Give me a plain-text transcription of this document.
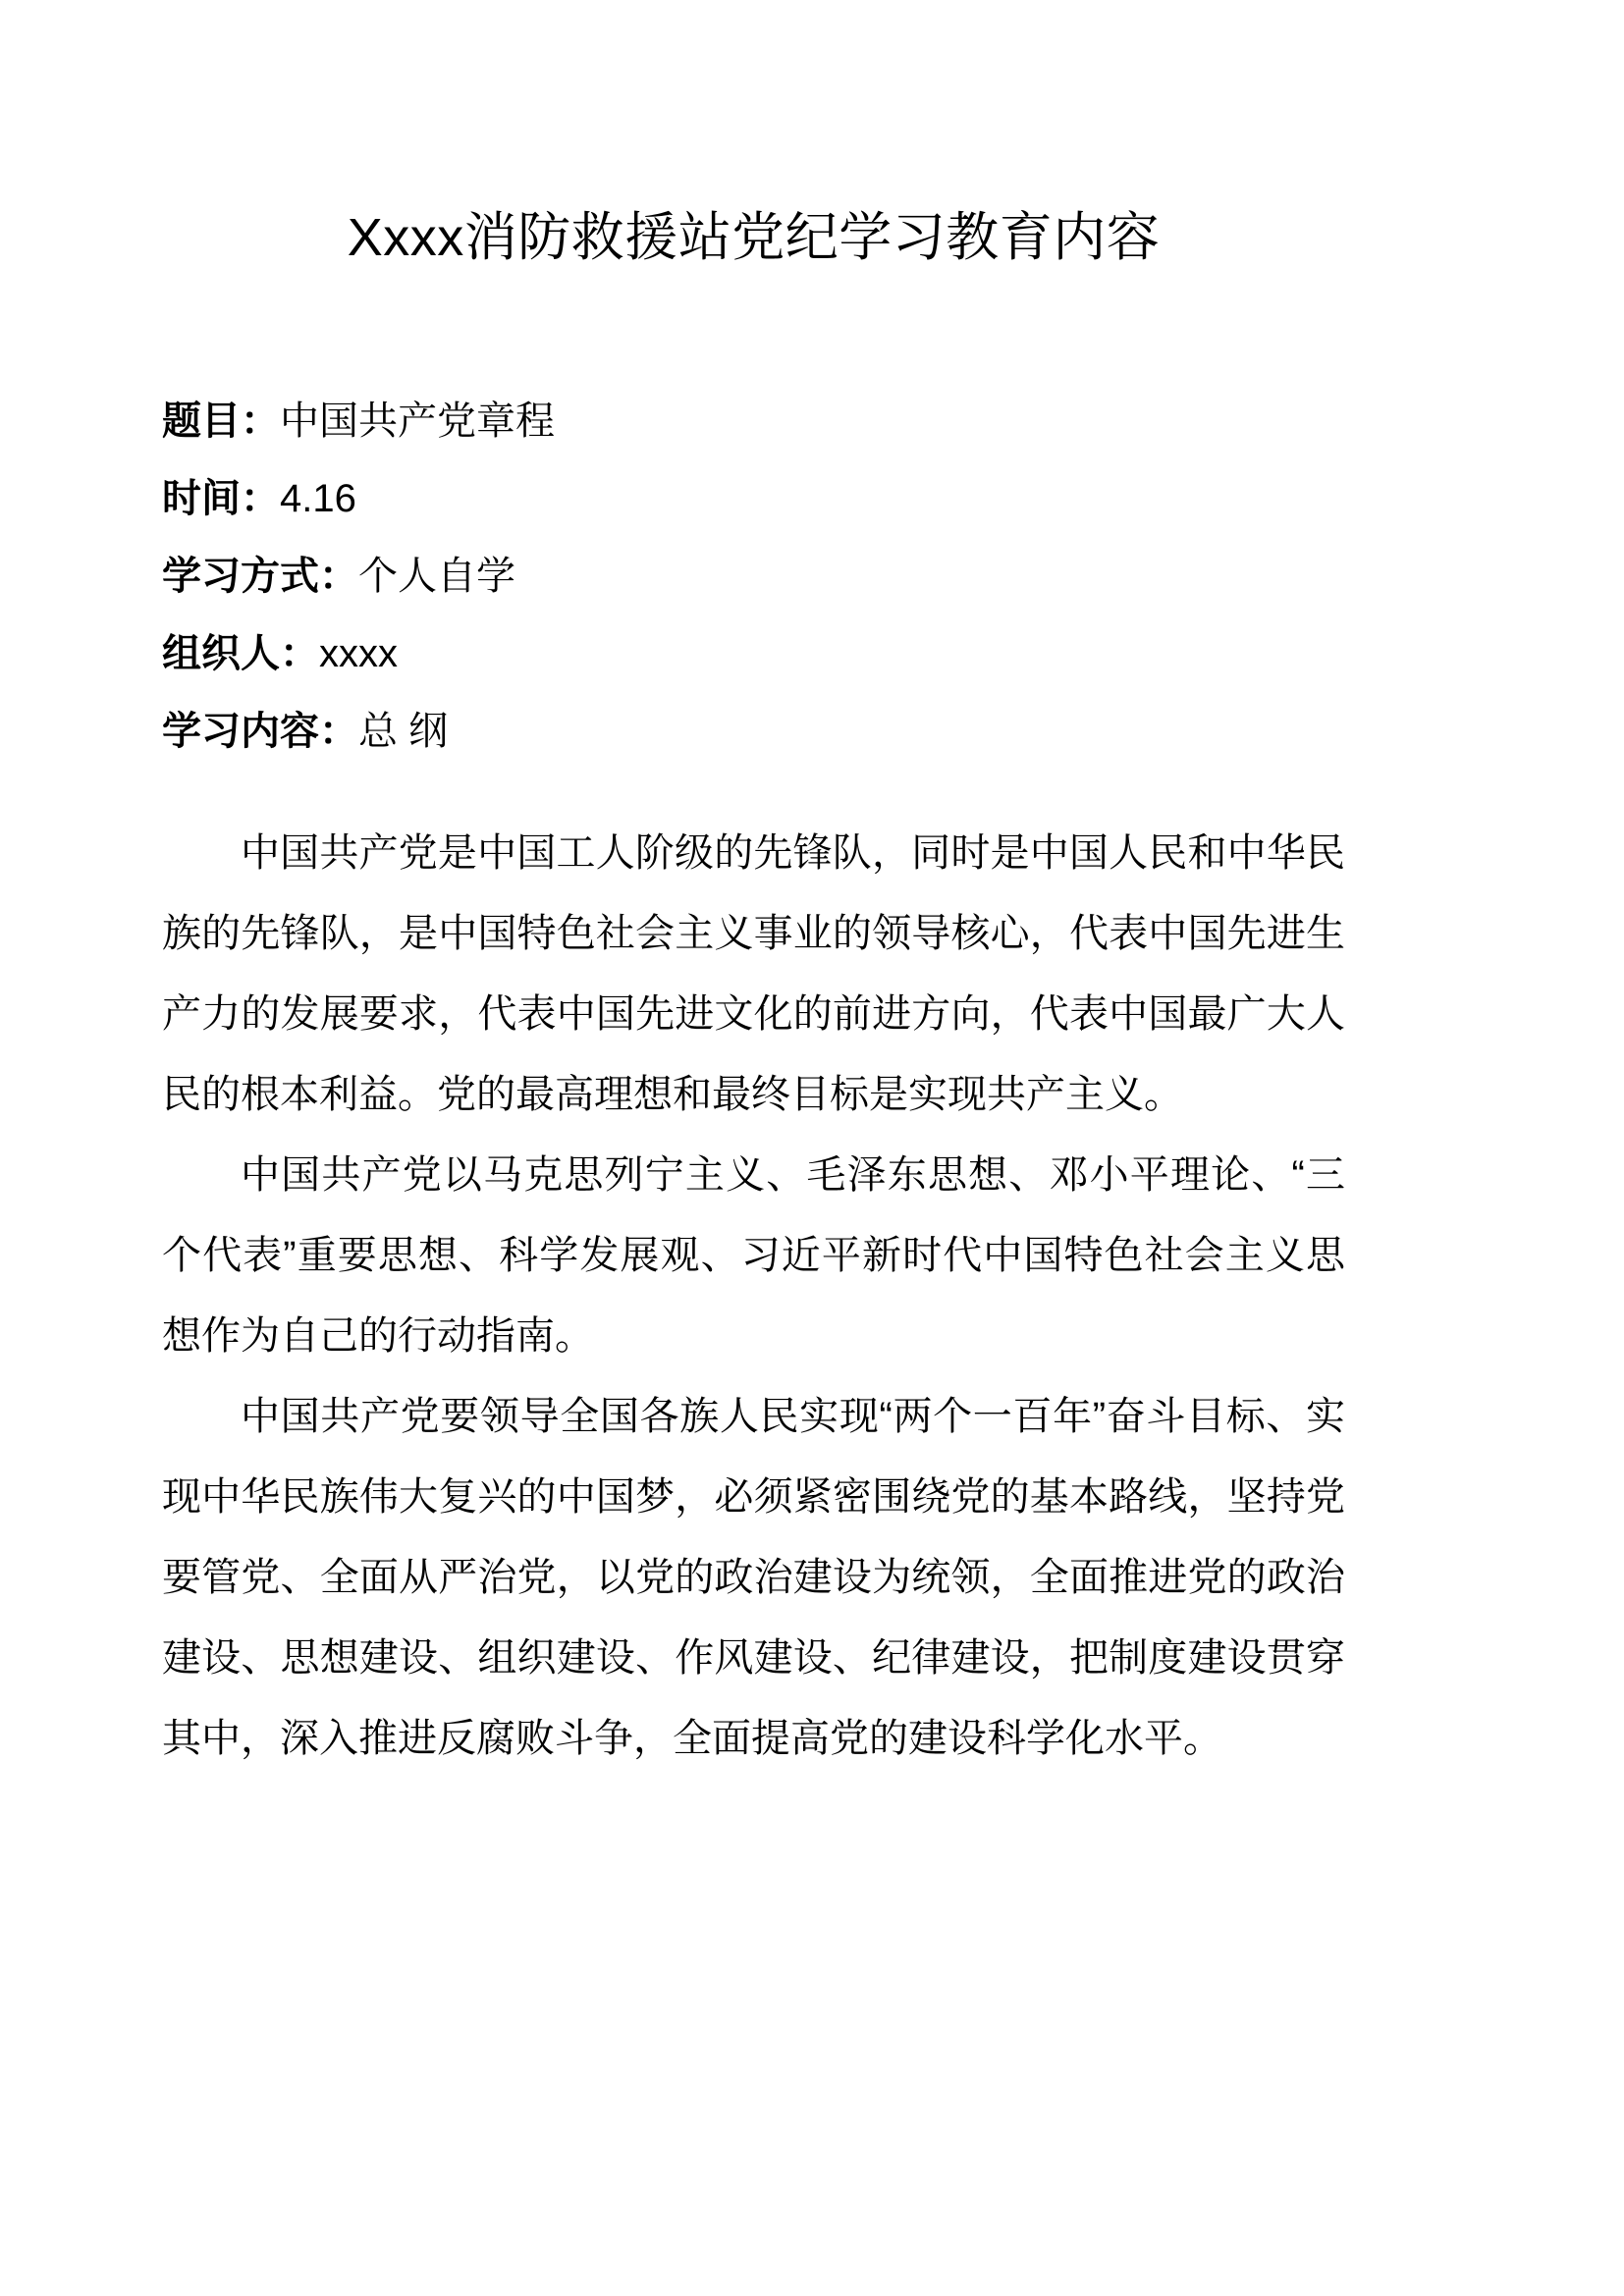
Xxxx消防救援站党纪学习教育内容
题目：中国共产党章程
时间：4.16
学习方式：个人自学
组织人：xxxx
学习内容：总 纲

中国共产党是中国工人阶级的先锋队，同时是中国人民和中华民族的先锋队，是中国特色社会主义事业的领导核心，代表中国先进生产力的发展要求，代表中国先进文化的前进方向，代表中国最广大人民的根本利益。党的最高理想和最终目标是实现共产主义。

中国共产党以马克思列宁主义、毛泽东思想、邓小平理论、“三个代表”重要思想、科学发展观、习近平新时代中国特色社会主义思想作为自己的行动指南。

中国共产党要领导全国各族人民实现“两个一百年”奋斗目标、实现中华民族伟大复兴的中国梦，必须紧密围绕党的基本路线，坚持党要管党、全面从严治党，以党的政治建设为统领，全面推进党的政治建设、思想建设、组织建设、作风建设、纪律建设，把制度建设贯穿其中，深入推进反腐败斗争，全面提高党的建设科学化水平。
